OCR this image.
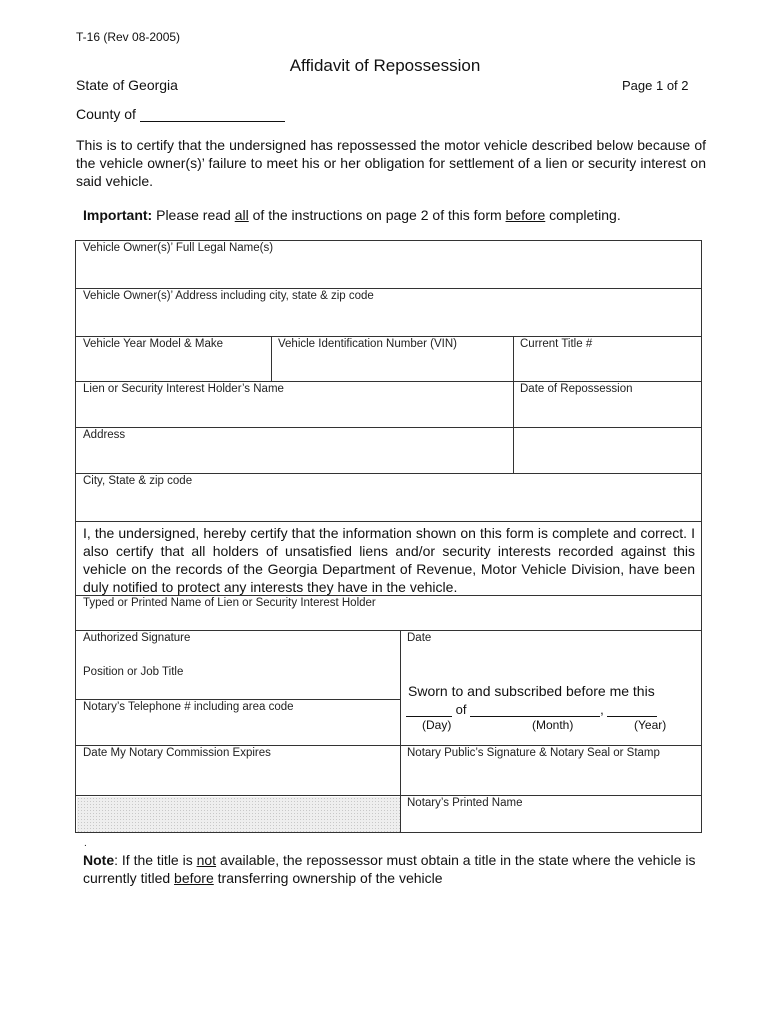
T-16 (Rev 08-2005)
Affidavit of Repossession
State of Georgia	Page 1 of 2
County of
This is to certify that the undersigned has repossessed the motor vehicle described below because of the vehicle owner(s)’ failure to meet his or her obligation for settlement of a lien or security interest on said vehicle.
Important: Please read all of the instructions on page 2 of this form before completing.
Vehicle Owner(s)’ Full Legal Name(s)
Vehicle Owner(s)’ Address including city, state & zip code
Vehicle Year Model & Make	Vehicle Identification Number (VIN)	Current Title #
Lien or Security Interest Holder’s Name	Date of Repossession
Address
City, State & zip code
I, the undersigned, hereby certify that the information shown on this form is complete and correct. I also certify that all holders of unsatisfied liens and/or security interests recorded against this vehicle on the records of the Georgia Department of Revenue, Motor Vehicle Division, have been duly notified to protect any interests they have in the vehicle.
Typed or Printed Name of Lien or Security Interest Holder
Authorized Signature	Date
Position or Job Title
Notary’s Telephone # including area code
Sworn to and subscribed before me this
of	,
(Day)	(Month)	(Year)
Date My Notary Commission Expires	Notary Public’s Signature & Notary Seal or Stamp
Notary’s Printed Name
.
Note: If the title is not available, the repossessor must obtain a title in the state where the vehicle is currently titled before transferring ownership of the vehicle
